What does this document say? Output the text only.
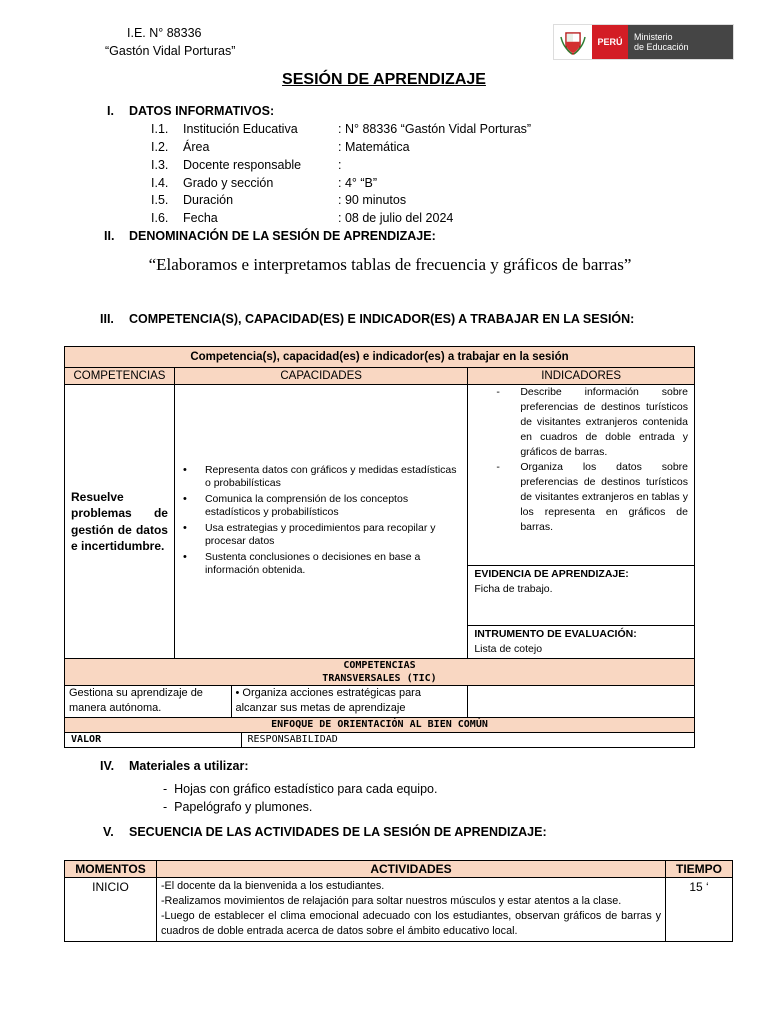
I.E. N° 88336
“Gastón Vidal Porturas”
PERÚ	Ministerio
de Educación
SESIÓN DE APRENDIZAJE
I. DATOS INFORMATIVOS:
I.1.	Institución Educativa	: N° 88336 “Gastón Vidal Porturas”
I.2.	Área	: Matemática
I.3.	Docente responsable	:
I.4.	Grado y sección	: 4° “B”
I.5.	Duración	: 90 minutos
I.6.	Fecha	: 08 de julio del 2024
II. DENOMINACIÓN DE LA SESIÓN DE APRENDIZAJE:
“Elaboramos e interpretamos tablas de frecuencia y gráficos de barras”
III. COMPETENCIA(S), CAPACIDAD(ES) E INDICADOR(ES) A TRABAJAR EN LA SESIÓN:
Competencia(s), capacidad(es) e indicador(es) a trabajar en la sesión
COMPETENCIAS	CAPACIDADES	INDICADORES
Resuelve problemas de gestión de datos e incertidumbre.	
• Representa datos con gráficos y medidas estadísticas o probabilísticas
• Comunica la comprensión de los conceptos estadísticos y probabilísticos
• Usa estrategias y procedimientos para recopilar y procesar datos
• Sustenta conclusiones o decisiones en base a información obtenida.

- Describe información sobre preferencias de destinos turísticos de visitantes extranjeros contenida en cuadros de doble entrada y gráficos de barras.
- Organiza los datos sobre preferencias de destinos turísticos de visitantes extranjeros en tablas y los representa en gráficos de barras.

EVIDENCIA DE APRENDIZAJE:
Ficha de trabajo.

INTRUMENTO DE EVALUACIÓN:
Lista de cotejo

COMPETENCIAS
TRANSVERSALES (TIC)

Gestiona su aprendizaje de manera autónoma.	• Organiza acciones estratégicas para alcanzar sus metas de aprendizaje

ENFOQUE DE ORIENTACIÓN AL BIEN COMÚN

VALOR	RESPONSABILIDAD
IV. Materiales a utilizar:
-  Hojas con gráfico estadístico para cada equipo.
-  Papelógrafo y plumones.
V. SECUENCIA DE LAS ACTIVIDADES DE LA SESIÓN DE APRENDIZAJE:
MOMENTOS	ACTIVIDADES	TIEMPO
INICIO	-El docente da la bienvenida a los estudiantes.
-Realizamos movimientos de relajación para soltar nuestros músculos y estar atentos a la clase.
-Luego de establecer el clima emocional adecuado con los estudiantes, observan gráficos de barras y cuadros de doble entrada acerca de datos sobre el ámbito educativo local.	15 ‘
